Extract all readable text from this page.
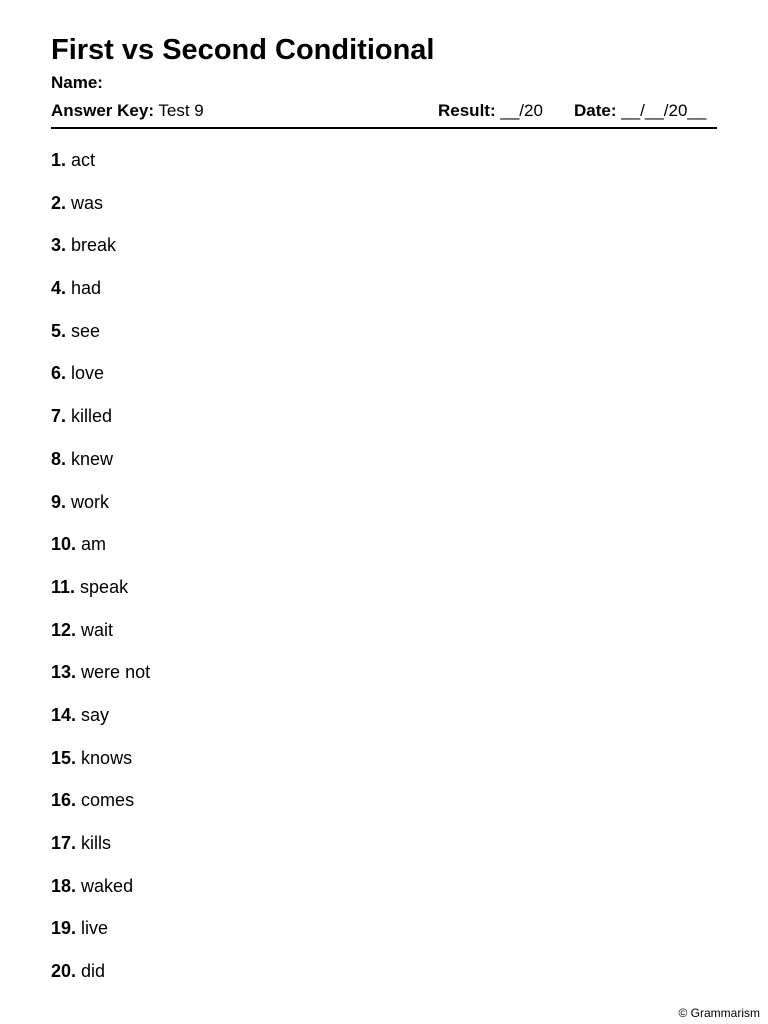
First vs Second Conditional
Name:
Answer Key: Test 9	Result: __/20 Date: __/__/20__
1. act
2. was
3. break
4. had
5. see
6. love
7. killed
8. knew
9. work
10. am
11. speak
12. wait
13. were not
14. say
15. knows
16. comes
17. kills
18. waked
19. live
20. did
© Grammarism
